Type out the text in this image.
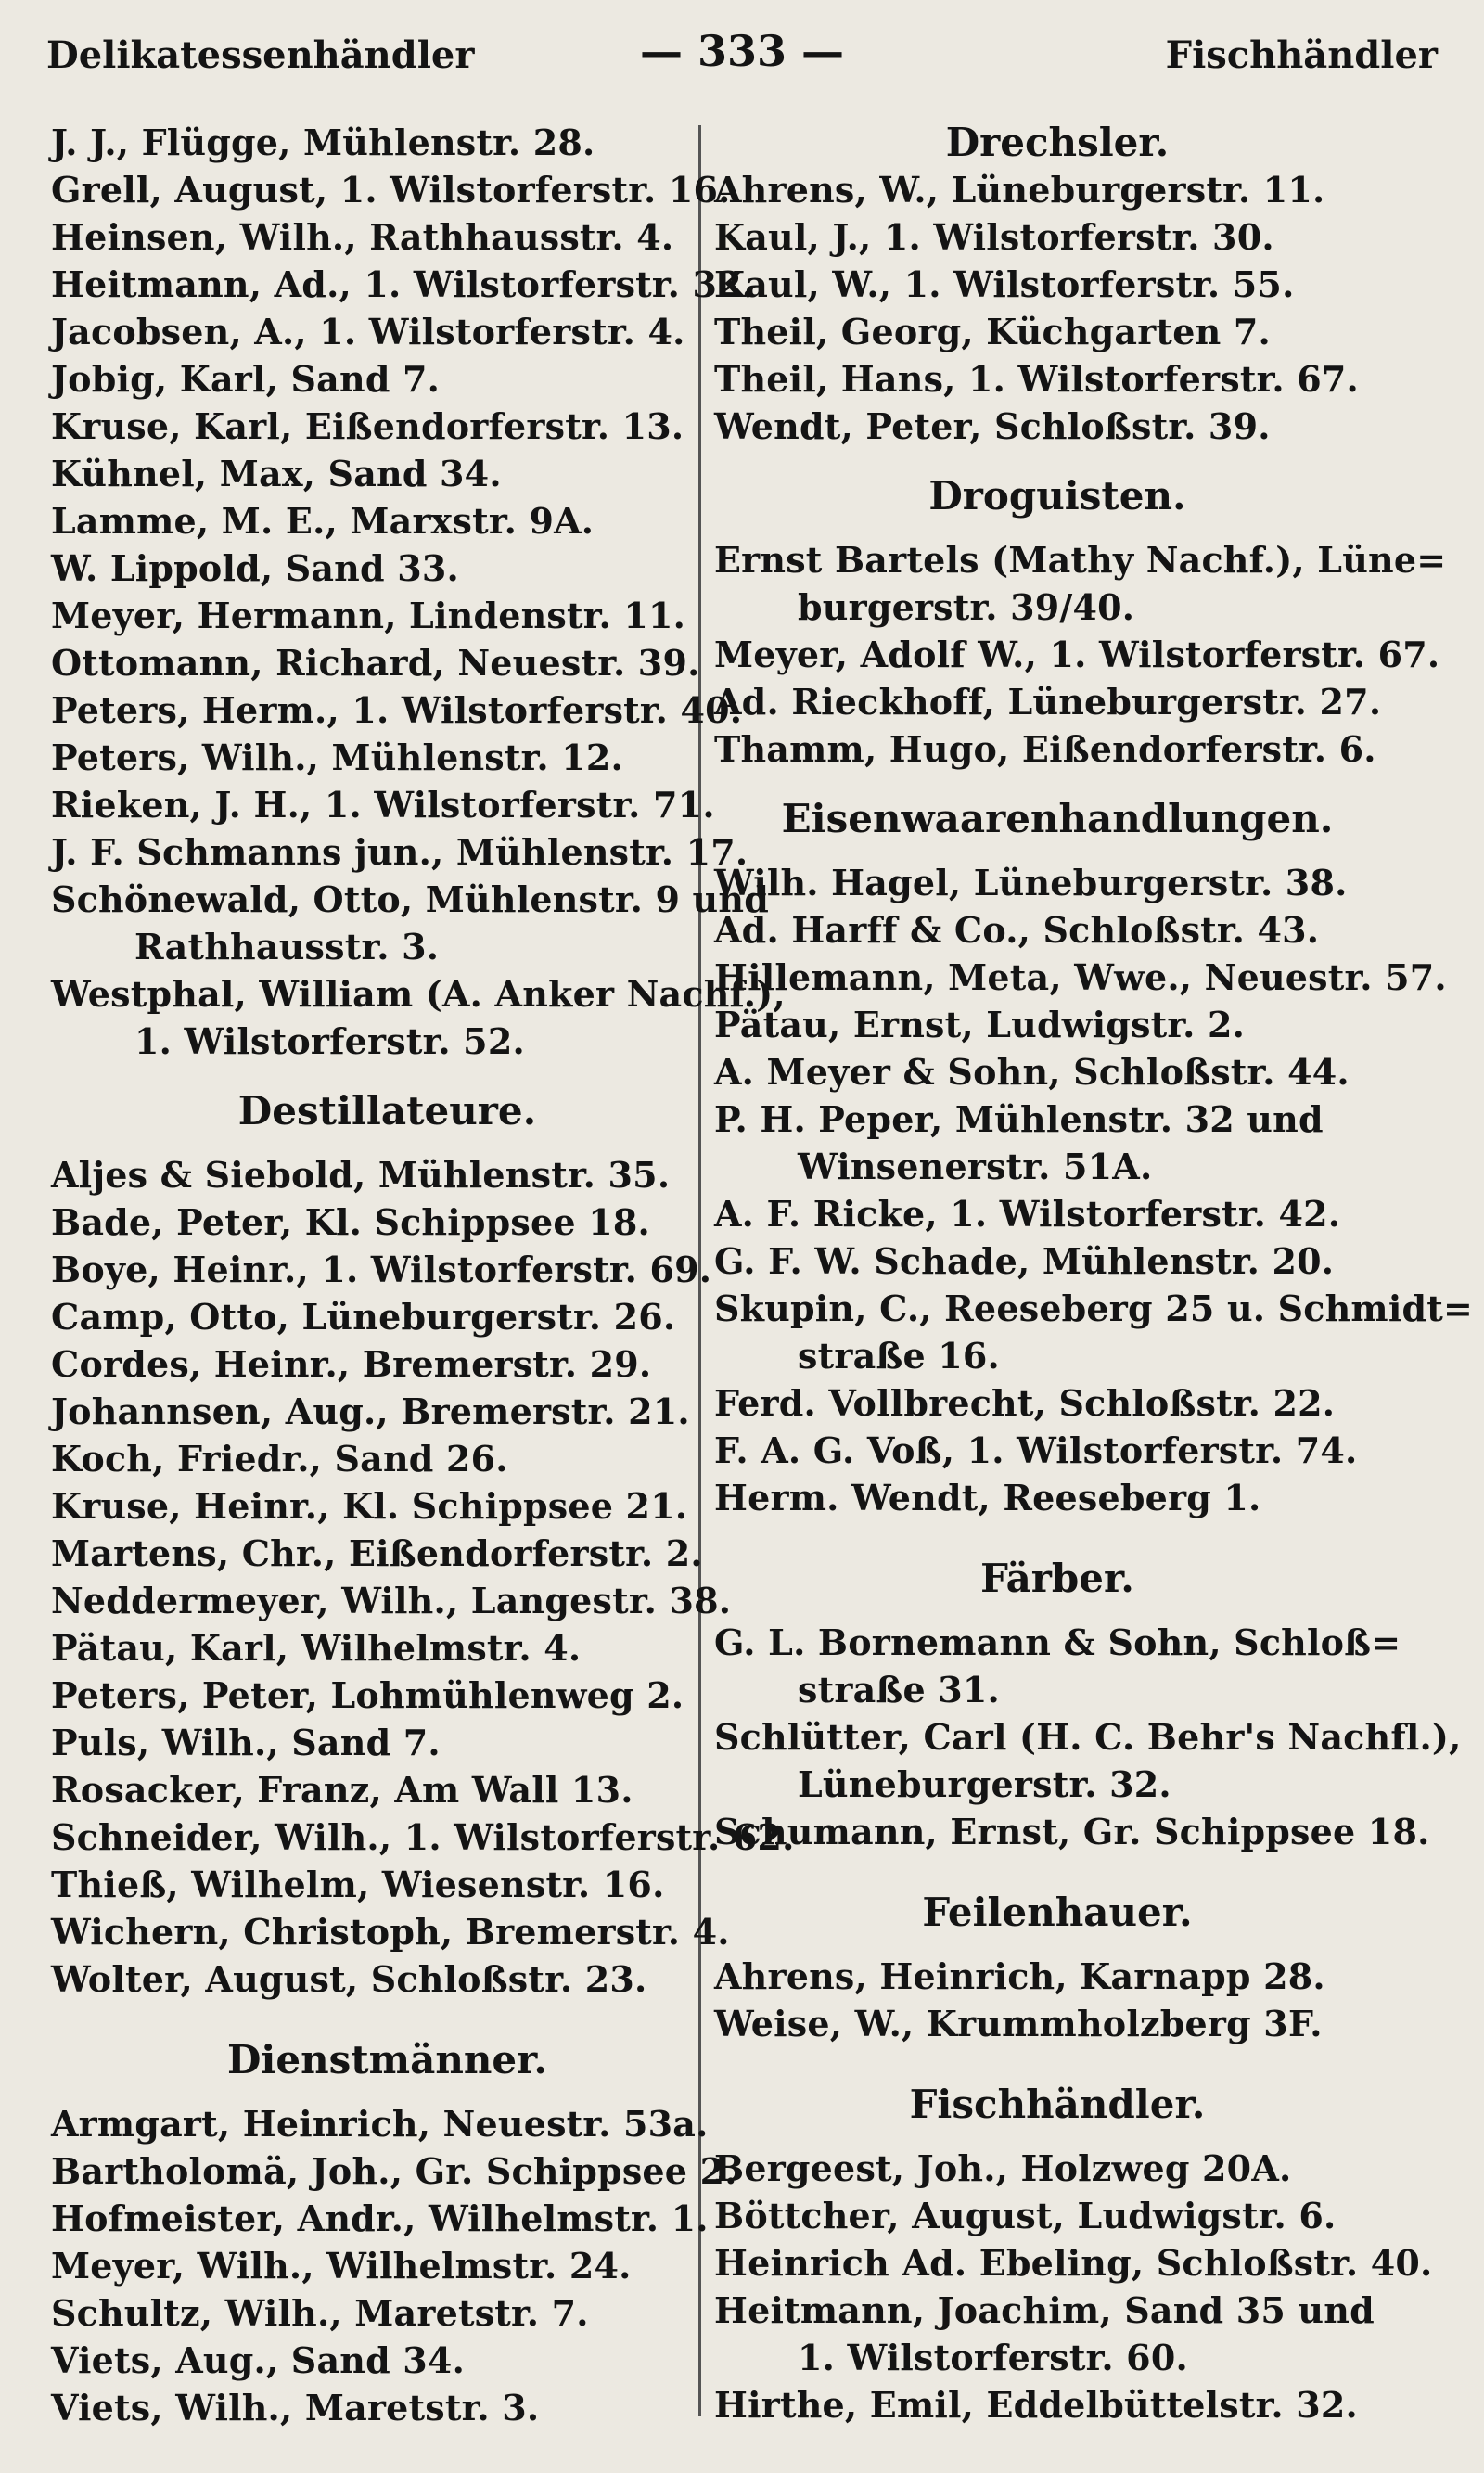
Delikatessenhändler	— 333 —	Fischhändler
J. J., Flügge, Mühlenstr. 28.
Grell, August, 1. Wilstorferstr. 16.
Heinsen, Wilh., Rathhausstr. 4.
Heitmann, Ad., 1. Wilstorferstr. 32.
Jacobsen, A., 1. Wilstorferstr. 4.
Jobig, Karl, Sand 7.
Kruse, Karl, Eißendorferstr. 13.
Kühnel, Max, Sand 34.
Lamme, M. E., Marxstr. 9A.
W. Lippold, Sand 33.
Meyer, Hermann, Lindenstr. 11.
Ottomann, Richard, Neuestr. 39.
Peters, Herm., 1. Wilstorferstr. 40.
Peters, Wilh., Mühlenstr. 12.
Rieken, J. H., 1. Wilstorferstr. 71.
J. F. Schmanns jun., Mühlenstr. 17.
Schönewald, Otto, Mühlenstr. 9 und
Rathhausstr. 3.
Westphal, William (A. Anker Nachf.),
1. Wilstorferstr. 52.
Destillateure.
Aljes & Siebold, Mühlenstr. 35.
Bade, Peter, Kl. Schippsee 18.
Boye, Heinr., 1. Wilstorferstr. 69.
Camp, Otto, Lüneburgerstr. 26.
Cordes, Heinr., Bremerstr. 29.
Johannsen, Aug., Bremerstr. 21.
Koch, Friedr., Sand 26.
Kruse, Heinr., Kl. Schippsee 21.
Martens, Chr., Eißendorferstr. 2.
Neddermeyer, Wilh., Langestr. 38.
Pätau, Karl, Wilhelmstr. 4.
Peters, Peter, Lohmühlenweg 2.
Puls, Wilh., Sand 7.
Rosacker, Franz, Am Wall 13.
Schneider, Wilh., 1. Wilstorferstr. 62.
Thieß, Wilhelm, Wiesenstr. 16.
Wichern, Christoph, Bremerstr. 4.
Wolter, August, Schloßstr. 23.
Dienstmänner.
Armgart, Heinrich, Neuestr. 53a.
Bartholomä, Joh., Gr. Schippsee 2.
Hofmeister, Andr., Wilhelmstr. 1.
Meyer, Wilh., Wilhelmstr. 24.
Schultz, Wilh., Maretstr. 7.
Viets, Aug., Sand 34.
Viets, Wilh., Maretstr. 3.
Drechsler.
Ahrens, W., Lüneburgerstr. 11.
Kaul, J., 1. Wilstorferstr. 30.
Kaul, W., 1. Wilstorferstr. 55.
Theil, Georg, Küchgarten 7.
Theil, Hans, 1. Wilstorferstr. 67.
Wendt, Peter, Schloßstr. 39.
Droguisten.
Ernst Bartels (Mathy Nachf.), Lüne=
burgerstr. 39/40.
Meyer, Adolf W., 1. Wilstorferstr. 67.
Ad. Rieckhoff, Lüneburgerstr. 27.
Thamm, Hugo, Eißendorferstr. 6.
Eisenwaarenhandlungen.
Wilh. Hagel, Lüneburgerstr. 38.
Ad. Harff & Co., Schloßstr. 43.
Hillemann, Meta, Wwe., Neuestr. 57.
Pätau, Ernst, Ludwigstr. 2.
A. Meyer & Sohn, Schloßstr. 44.
P. H. Peper, Mühlenstr. 32 und
Winsenerstr. 51A.
A. F. Ricke, 1. Wilstorferstr. 42.
G. F. W. Schade, Mühlenstr. 20.
Skupin, C., Reeseberg 25 u. Schmidt=
straße 16.
Ferd. Vollbrecht, Schloßstr. 22.
F. A. G. Voß, 1. Wilstorferstr. 74.
Herm. Wendt, Reeseberg 1.
Färber.
G. L. Bornemann & Sohn, Schloß=
straße 31.
Schlütter, Carl (H. C. Behr's Nachfl.),
Lüneburgerstr. 32.
Schumann, Ernst, Gr. Schippsee 18.
Feilenhauer.
Ahrens, Heinrich, Karnapp 28.
Weise, W., Krummholzberg 3F.
Fischhändler.
Bergeest, Joh., Holzweg 20A.
Böttcher, August, Ludwigstr. 6.
Heinrich Ad. Ebeling, Schloßstr. 40.
Heitmann, Joachim, Sand 35 und
1. Wilstorferstr. 60.
Hirthe, Emil, Eddelbüttelstr. 32.
